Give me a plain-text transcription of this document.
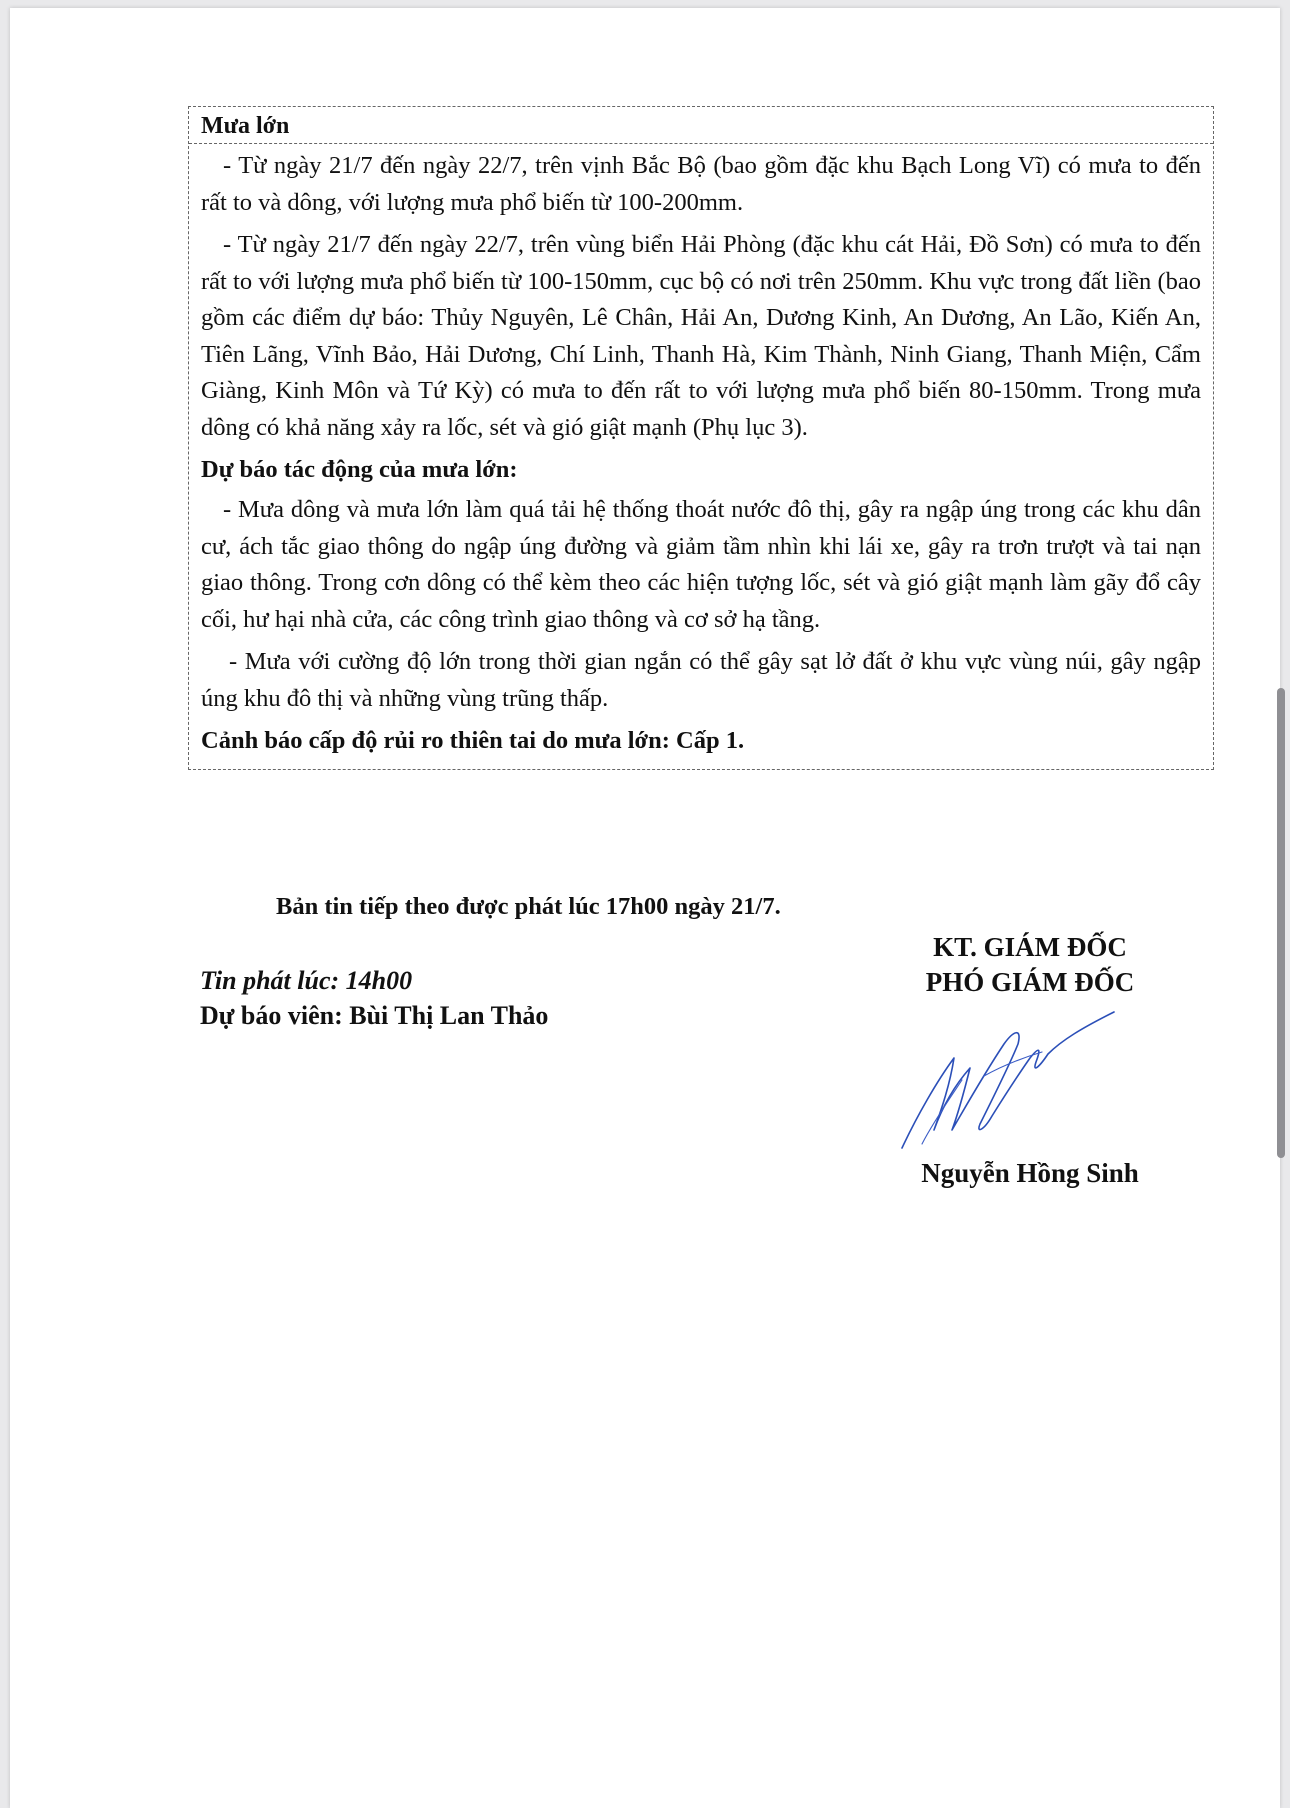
Mưa lớn

- Từ ngày 21/7 đến ngày 22/7, trên vịnh Bắc Bộ (bao gồm đặc khu Bạch Long Vĩ) có mưa to đến rất to và dông, với lượng mưa phổ biến từ 100-200mm.

- Từ ngày 21/7 đến ngày 22/7, trên vùng biển Hải Phòng (đặc khu cát Hải, Đồ Sơn) có mưa to đến rất to với lượng mưa phổ biến từ 100-150mm, cục bộ có nơi trên 250mm. Khu vực trong đất liền (bao gồm các điểm dự báo: Thủy Nguyên, Lê Chân, Hải An, Dương Kinh, An Dương, An Lão, Kiến An, Tiên Lãng, Vĩnh Bảo, Hải Dương, Chí Linh, Thanh Hà, Kim Thành, Ninh Giang, Thanh Miện, Cẩm Giàng, Kinh Môn và Tứ Kỳ) có mưa to đến rất to với lượng mưa phổ biến 80-150mm. Trong mưa dông có khả năng xảy ra lốc, sét và gió giật mạnh (Phụ lục 3).

Dự báo tác động của mưa lớn:

- Mưa dông và mưa lớn làm quá tải hệ thống thoát nước đô thị, gây ra ngập úng trong các khu dân cư, ách tắc giao thông do ngập úng đường và giảm tầm nhìn khi lái xe, gây ra trơn trượt và tai nạn giao thông. Trong cơn dông có thể kèm theo các hiện tượng lốc, sét và gió giật mạnh làm gãy đổ cây cối, hư hại nhà cửa, các công trình giao thông và cơ sở hạ tầng.

- Mưa với cường độ lớn trong thời gian ngắn có thể gây sạt lở đất ở khu vực vùng núi, gây ngập úng khu đô thị và những vùng trũng thấp.

Cảnh báo cấp độ rủi ro thiên tai do mưa lớn: Cấp 1.

Bản tin tiếp theo được phát lúc 17h00 ngày 21/7.
Tin phát lúc: 14h00
Dự báo viên: Bùi Thị Lan Thảo
KT. GIÁM ĐỐC
PHÓ GIÁM ĐỐC
Nguyễn Hồng Sinh
